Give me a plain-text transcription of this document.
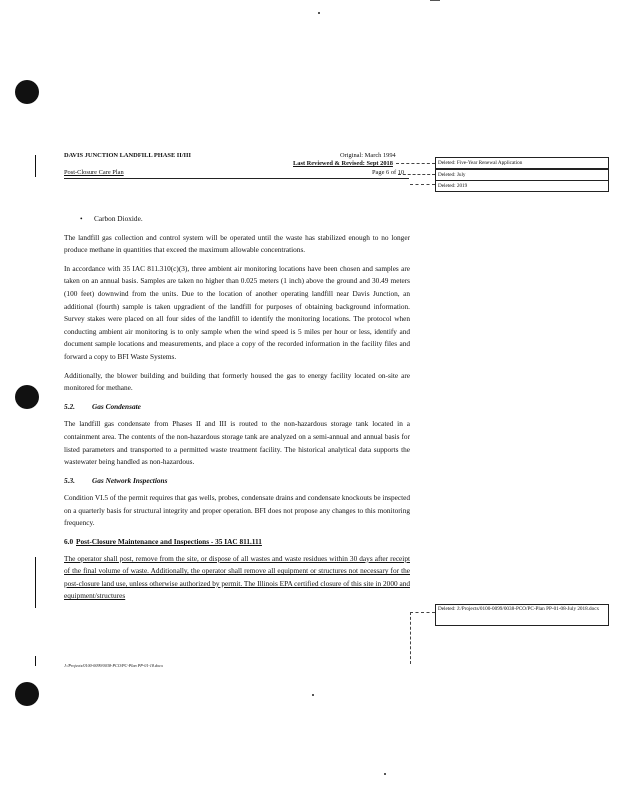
DAVIS JUNCTION LANDFILL PHASE II/III	Original: March 1994
Last Reviewed & Revised: Sept 2018
Post-Closure Care Plan	Page 6 of 10
Deleted: Five-Year Renewal Application
Deleted: July
Deleted: 2019
Deleted: J:/Projects/0100-0099/0038-PCO/PC-Plan PP-01-08-July 2018.docx
• Carbon Dioxide.

The landfill gas collection and control system will be operated until the waste has stabilized enough to no longer produce methane in quantities that exceed the maximum allowable concentrations.

In accordance with 35 IAC 811.310(c)(3), three ambient air monitoring locations have been chosen and samples are taken on an annual basis. Samples are taken no higher than 0.025 meters (1 inch) above the ground and 30.49 meters (100 feet) downwind from the units. Due to the location of another operating landfill near Davis Junction, an additional (fourth) sample is taken upgradient of the landfill for purposes of obtaining background information. Survey stakes were placed on all four sides of the landfill to identify the monitoring locations. The protocol when conducting ambient air monitoring is to only sample when the wind speed is 5 miles per hour or less, identify and document sample locations and measurements, and place a copy of the recorded information in the facility files and forward a copy to BFI Waste Systems.

Additionally, the blower building and building that formerly housed the gas to energy facility located on-site are monitored for methane.

5.2. Gas Condensate

The landfill gas condensate from Phases II and III is routed to the non-hazardous storage tank located in a containment area. The contents of the non-hazardous storage tank are analyzed on a semi-annual and annual basis for listed parameters and transported to a permitted waste treatment facility. The historical analytical data supports the wastewater being handled as non-hazardous.

5.3. Gas Network Inspections

Condition VI.5 of the permit requires that gas wells, probes, condensate drains and condensate knockouts be inspected on a quarterly basis for structural integrity and proper operation. BFI does not propose any changes to this monitoring frequency.

6.0 Post-Closure Maintenance and Inspections - 35 IAC 811.111

The operator shall post, remove from the site, or dispose of all wastes and waste residues within 30 days after receipt of the final volume of waste. Additionally, the operator shall remove all equipment or structures not necessary for the post-closure land use, unless otherwise authorized by permit. The Illinois EPA certified closure of this site in 2000 and equipment/structures

J:/Projects/0100-0099/0038-PCO/PC-Plan PP-01-18.docx
